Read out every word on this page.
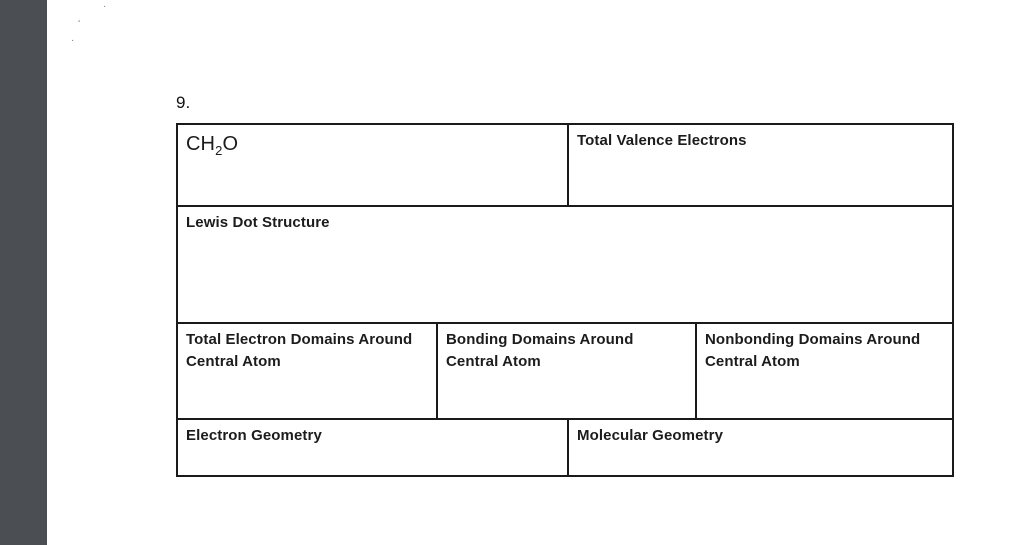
·
ʻ
·
9.
$CH_2O$	Total Valence Electrons
Lewis Dot Structure
Total Electron Domains Around
Central Atom
Bonding Domains Around
Central Atom
Nonbonding Domains Around
Central Atom
Electron Geometry	Molecular Geometry
